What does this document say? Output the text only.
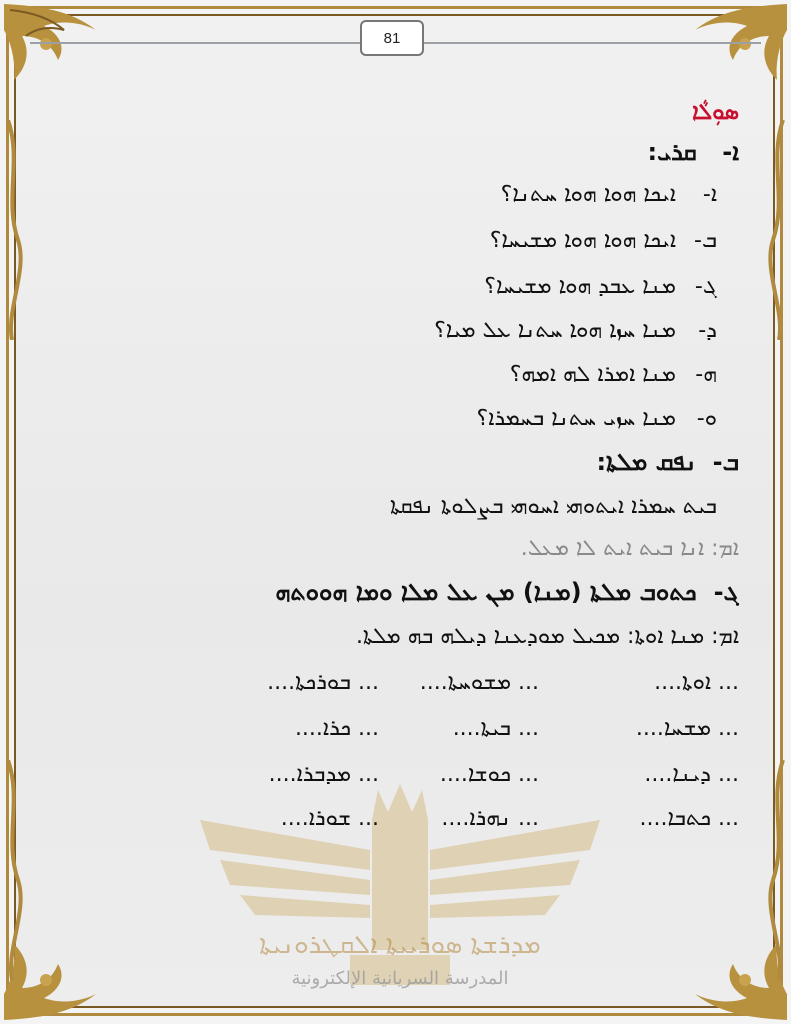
81
ܡܕܪܫܬܐ ܣܘܪܝܝܬܐ ܐܠܩܛܪܘܢܝܬܐ
المدرسة السريانية الإلكترونية
ܣܘܼܠܵܐ
ܐ- ܩܪܝ:
ܐ- ܐܝܟܐ ܗܘܐ ܗܘܐ ܚܬܢܐ؟
ܒ- ܐܝܟܐ ܗܘܐ ܗܘܐ ܡܫܝܚܐ؟
ܓ- ܡܢܐ ܥܒܕ ܗܘܐ ܡܫܝܚܐ؟
ܕ- ܡܢܐ ܚܙܐ ܗܘܐ ܚܬܢܐ ܥܠ ܡܝܐ؟
ܗ- ܡܢܐ ܐܡܪܐ ܠܗ ܐܡܗ؟
ܘ- ܡܢܐ ܚܙܝ ܚܬܢܐ ܒܚܡܪܐ؟
ܒ- ܢܦܩ ܡܠܬܐ:
ܒܝܬ ܚܡܪܐ ܐܝܬܘܗܝ ܐܚܘܗܝ ܒܨܠܘܬܐ ܢܦܩܬܐ
ܐܡ: ܐܢܐ ܒܝܬ ܐܝܬ ܠܐ ܡܥܠ.
ܓ- ܟܬܘܒ ܡܠܬܐ (ܡܢܐ) ܡܢ ܥܠ ܡܠܐ ܘܡܐ ܗܘܘܬܗ
ܐܡ: ܡܢܐ ܐܘܬܐ: ܡܟܝܠ ܡܘܕܥܢܐ ܕܝܠܗ ܒܗ ܡܠܬܐ.
... ܐܘܬܐ....
... ܡܫܘܚܬܐ....
... ܒܘܪܟܬܐ....
... ܡܫܚܐ....
... ܒܝܬܐ....
... ܟܪܐ....
... ܕܝܢܐ....
... ܟܘܫܐ....
... ܡܕܒܪܐ....
... ܟܬܒܐ....
... ܢܗܪܐ....
... ܫܘܪܐ....
